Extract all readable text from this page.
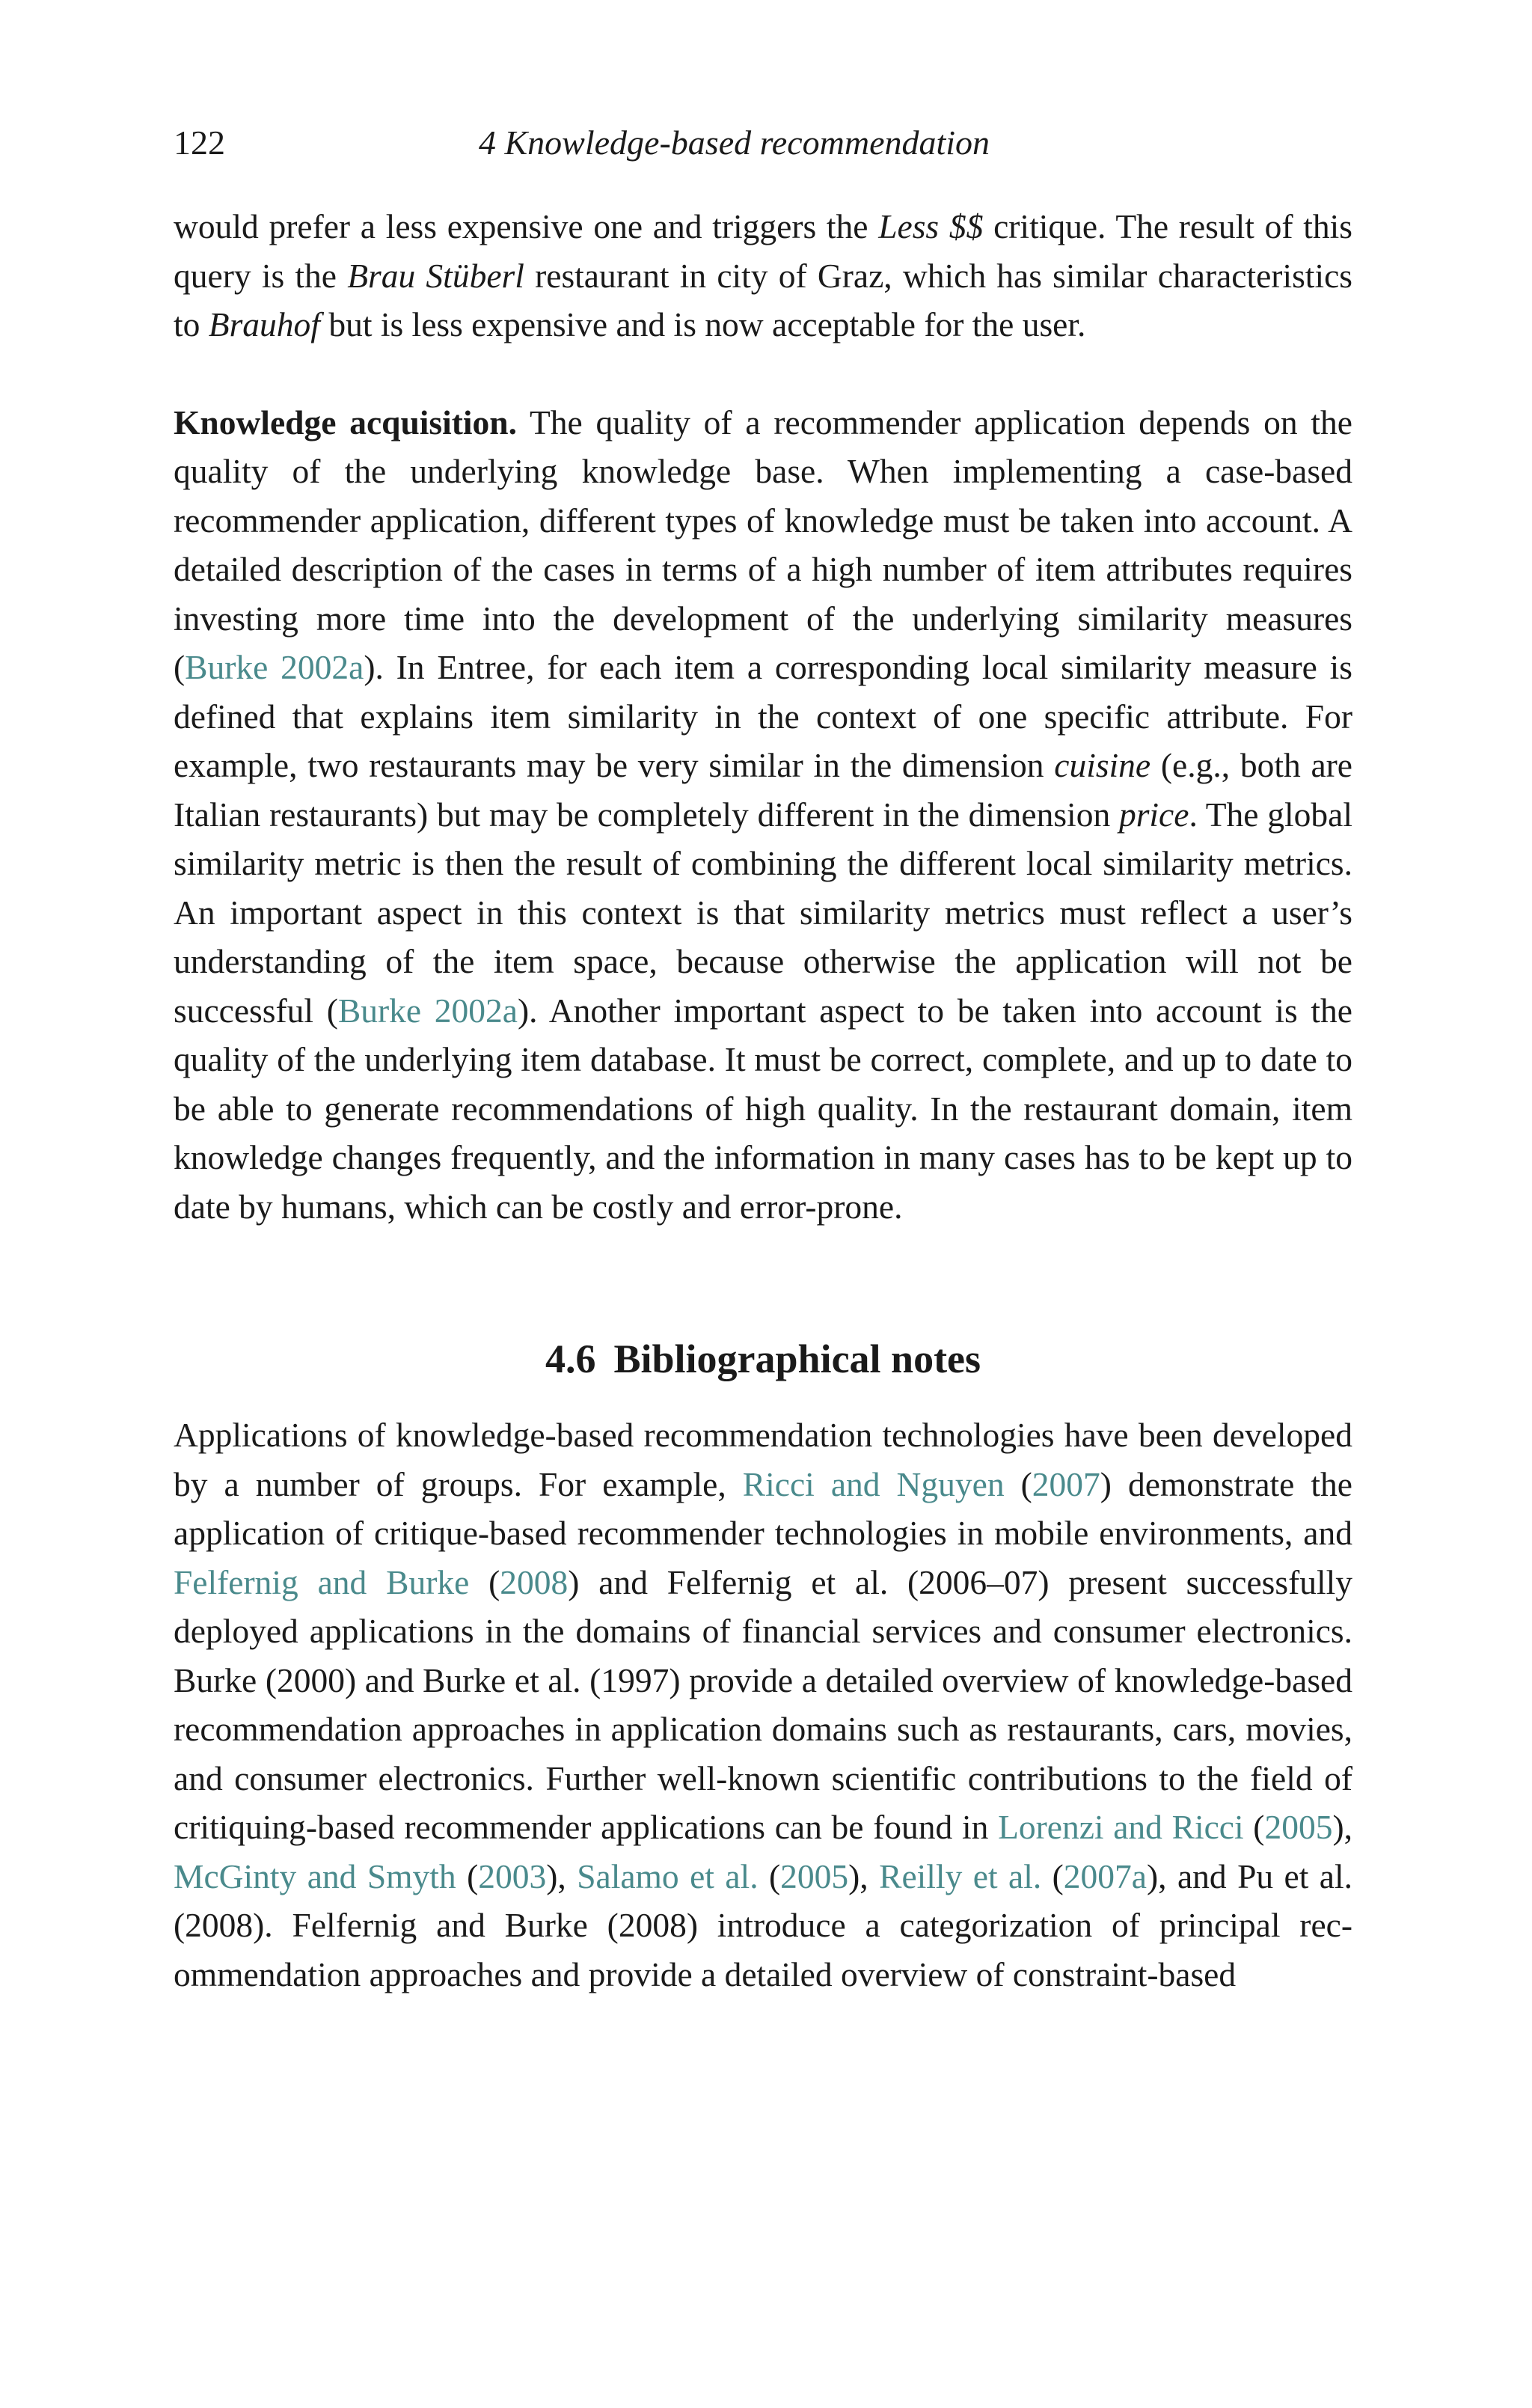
122	4 Knowledge-based recommendation

would prefer a less expensive one and triggers the Less $$ critique. The result of this query is the Brau Stüberl restaurant in city of Graz, which has similar characteristics to Brauhof but is less expensive and is now acceptable for the user.

Knowledge acquisition. The quality of a recommender application depends on the quality of the underlying knowledge base. When implementing a case-based recommender application, different types of knowledge must be taken into account. A detailed description of the cases in terms of a high number of item attributes requires investing more time into the development of the underlying similarity measures (Burke 2002a). In Entree, for each item a corresponding local similarity measure is defined that explains item similarity in the context of one specific attribute. For example, two restaurants may be very similar in the dimension cuisine (e.g., both are Italian restaurants) but may be completely different in the dimension price. The global similarity metric is then the result of combining the different local similarity metrics. An important aspect in this context is that similarity metrics must reflect a user’s understanding of the item space, because otherwise the application will not be successful (Burke 2002a). Another important aspect to be taken into account is the quality of the underlying item database. It must be correct, complete, and up to date to be able to generate recommendations of high quality. In the restaurant domain, item knowledge changes frequently, and the information in many cases has to be kept up to date by humans, which can be costly and error-prone.

4.6 Bibliographical notes

Applications of knowledge-based recommendation technologies have been developed by a number of groups. For example, Ricci and Nguyen (2007) demonstrate the application of critique-based recommender technologies in mobile environments, and Felfernig and Burke (2008) and Felfernig et al. (2006–07) present successfully deployed applications in the domains of financial services and consumer electronics. Burke (2000) and Burke et al. (1997) provide a detailed overview of knowledge-based recommendation approaches in application domains such as restaurants, cars, movies, and consumer electronics. Further well-known scientific contributions to the field of critiquing-based recommender applications can be found in Lorenzi and Ricci (2005), McGinty and Smyth (2003), Salamo et al. (2005), Reilly et al. (2007a), and Pu et al. (2008). Felfernig and Burke (2008) introduce a categorization of principal recommendation approaches and provide a detailed overview of constraint-based
